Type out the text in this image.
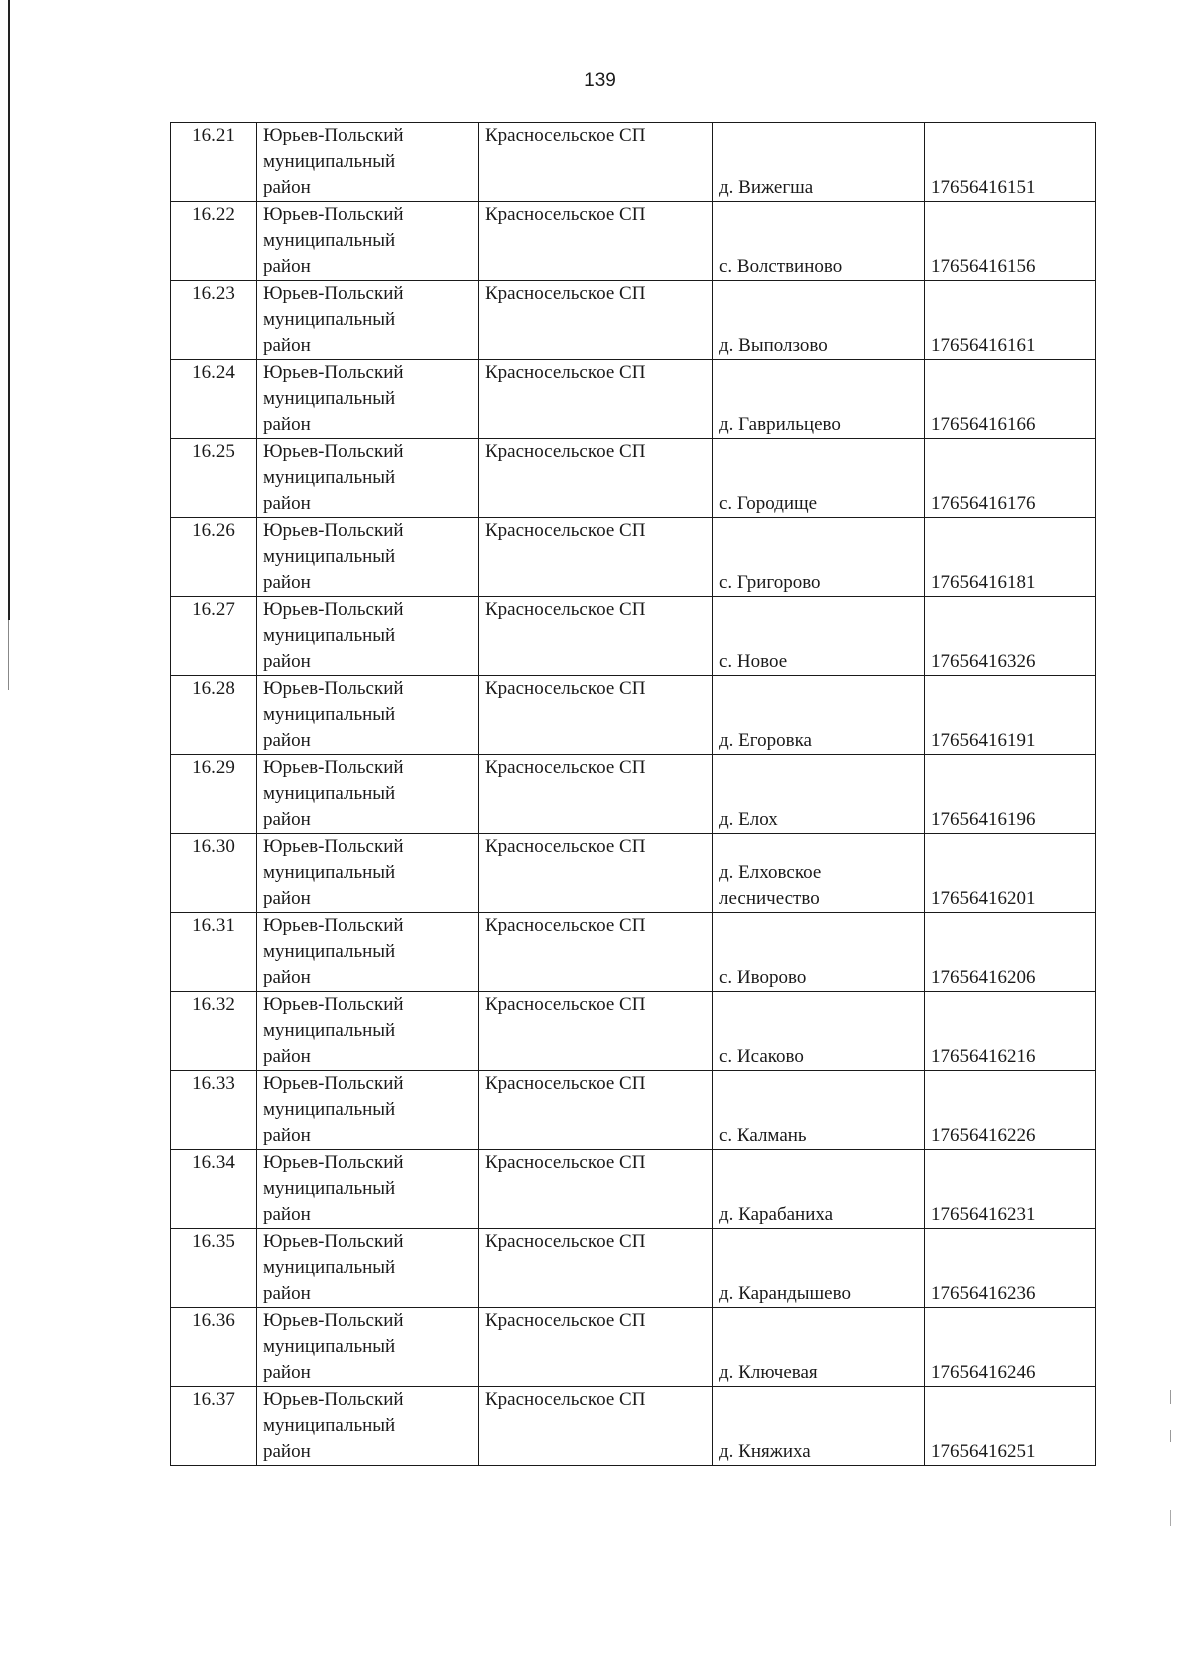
139
16.21	Юрьев-Польский
муниципальный
район	Красносельское СП	д. Вижегша	17656416151
16.22	Юрьев-Польский
муниципальный
район	Красносельское СП	с. Волствиново	17656416156
16.23	Юрьев-Польский
муниципальный
район	Красносельское СП	д. Выползово	17656416161
16.24	Юрьев-Польский
муниципальный
район	Красносельское СП	д. Гаврильцево	17656416166
16.25	Юрьев-Польский
муниципальный
район	Красносельское СП	с. Городище	17656416176
16.26	Юрьев-Польский
муниципальный
район	Красносельское СП	с. Григорово	17656416181
16.27	Юрьев-Польский
муниципальный
район	Красносельское СП	с. Новое	17656416326
16.28	Юрьев-Польский
муниципальный
район	Красносельское СП	д. Егоровка	17656416191
16.29	Юрьев-Польский
муниципальный
район	Красносельское СП	д. Елох	17656416196
16.30	Юрьев-Польский
муниципальный
район	Красносельское СП	д. Елховское
лесничество	17656416201
16.31	Юрьев-Польский
муниципальный
район	Красносельское СП	с. Иворово	17656416206
16.32	Юрьев-Польский
муниципальный
район	Красносельское СП	с. Исаково	17656416216
16.33	Юрьев-Польский
муниципальный
район	Красносельское СП	с. Калмань	17656416226
16.34	Юрьев-Польский
муниципальный
район	Красносельское СП	д. Карабаниха	17656416231
16.35	Юрьев-Польский
муниципальный
район	Красносельское СП	д. Карандышево	17656416236
16.36	Юрьев-Польский
муниципальный
район	Красносельское СП	д. Ключевая	17656416246
16.37	Юрьев-Польский
муниципальный
район	Красносельское СП	д. Княжиха	17656416251
